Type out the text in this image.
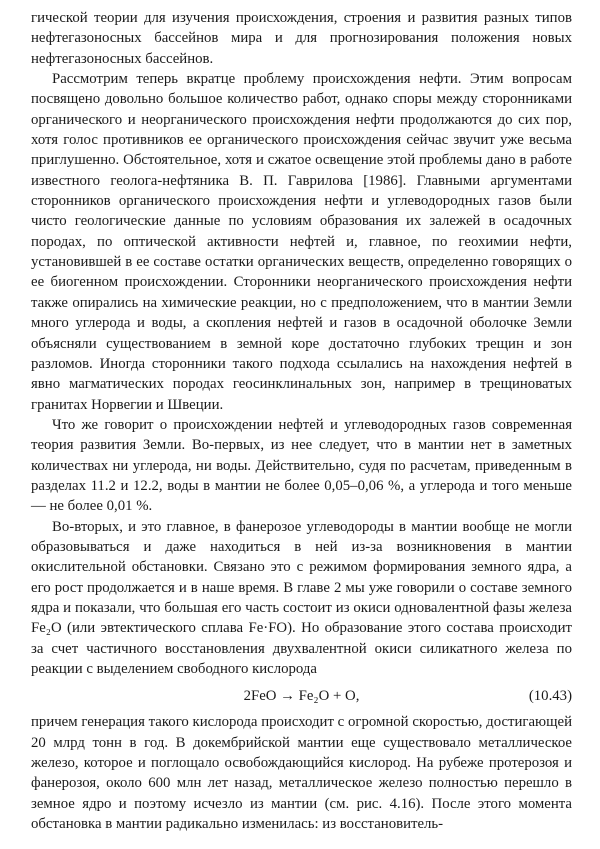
гической теории для изучения происхождения, строения и развития разных типов нефтегазоносных бассейнов мира и для прогнозирования положения новых нефтегазоносных бассейнов.

Рассмотрим теперь вкратце проблему происхождения нефти. Этим вопросам посвящено довольно большое количество работ, однако споры между сторонниками органического и неорганического происхождения нефти продолжаются до сих пор, хотя голос противников ее органического происхождения сейчас звучит уже весьма приглушенно. Обстоятельное, хотя и сжатое освещение этой проблемы дано в работе известного геолога-нефтяника В. П. Гаврилова [1986]. Главными аргументами сторонников органического происхождения нефти и углеводородных газов были чисто геологические данные по условиям образования их залежей в осадочных породах, по оптической активности нефтей и, главное, по геохимии нефти, установившей в ее составе остатки органических веществ, определенно говорящих о ее биогенном происхождении. Сторонники неорганического происхождения нефти также опирались на химические реакции, но с предположением, что в мантии Земли много углерода и воды, а скопления нефтей и газов в осадочной оболочке Земли объясняли существованием в земной коре достаточно глубоких трещин и зон разломов. Иногда сторонники такого подхода ссылались на нахождения нефтей в явно магматических породах геосинклинальных зон, например в трещиноватых гранитах Норвегии и Швеции.

Что же говорит о происхождении нефтей и углеводородных газов современная теория развития Земли. Во-первых, из нее следует, что в мантии нет в заметных количествах ни углерода, ни воды. Действительно, судя по расчетам, приведенным в разделах 11.2 и 12.2, воды в мантии не более 0,05–0,06 %, а углерода и того меньше — не более 0,01 %.

Во-вторых, и это главное, в фанерозое углеводороды в мантии вообще не могли образовываться и даже находиться в ней из-за возникновения в мантии окислительной обстановки. Связано это с режимом формирования земного ядра, а его рост продолжается и в наше время. В главе 2 мы уже говорили о составе земного ядра и показали, что большая его часть состоит из окиси одновалентной фазы железа Fe₂O (или эвтектического сплава Fe·FO). Но образование этого состава происходит за счет частичного восстановления двухвалентной окиси силикатного железа по реакции с выделением свободного кислорода

2FeO → Fe₂O + O,	(10.43)

причем генерация такого кислорода происходит с огромной скоростью, достигающей 20 млрд тонн в год. В докембрийской мантии еще существовало металлическое железо, которое и поглощало освобождающийся кислород. На рубеже протерозоя и фанерозоя, около 600 млн лет назад, металлическое железо полностью перешло в земное ядро и поэтому исчезло из мантии (см. рис. 4.16). После этого момента обстановка в мантии радикально изменилась: из восстановитель-
